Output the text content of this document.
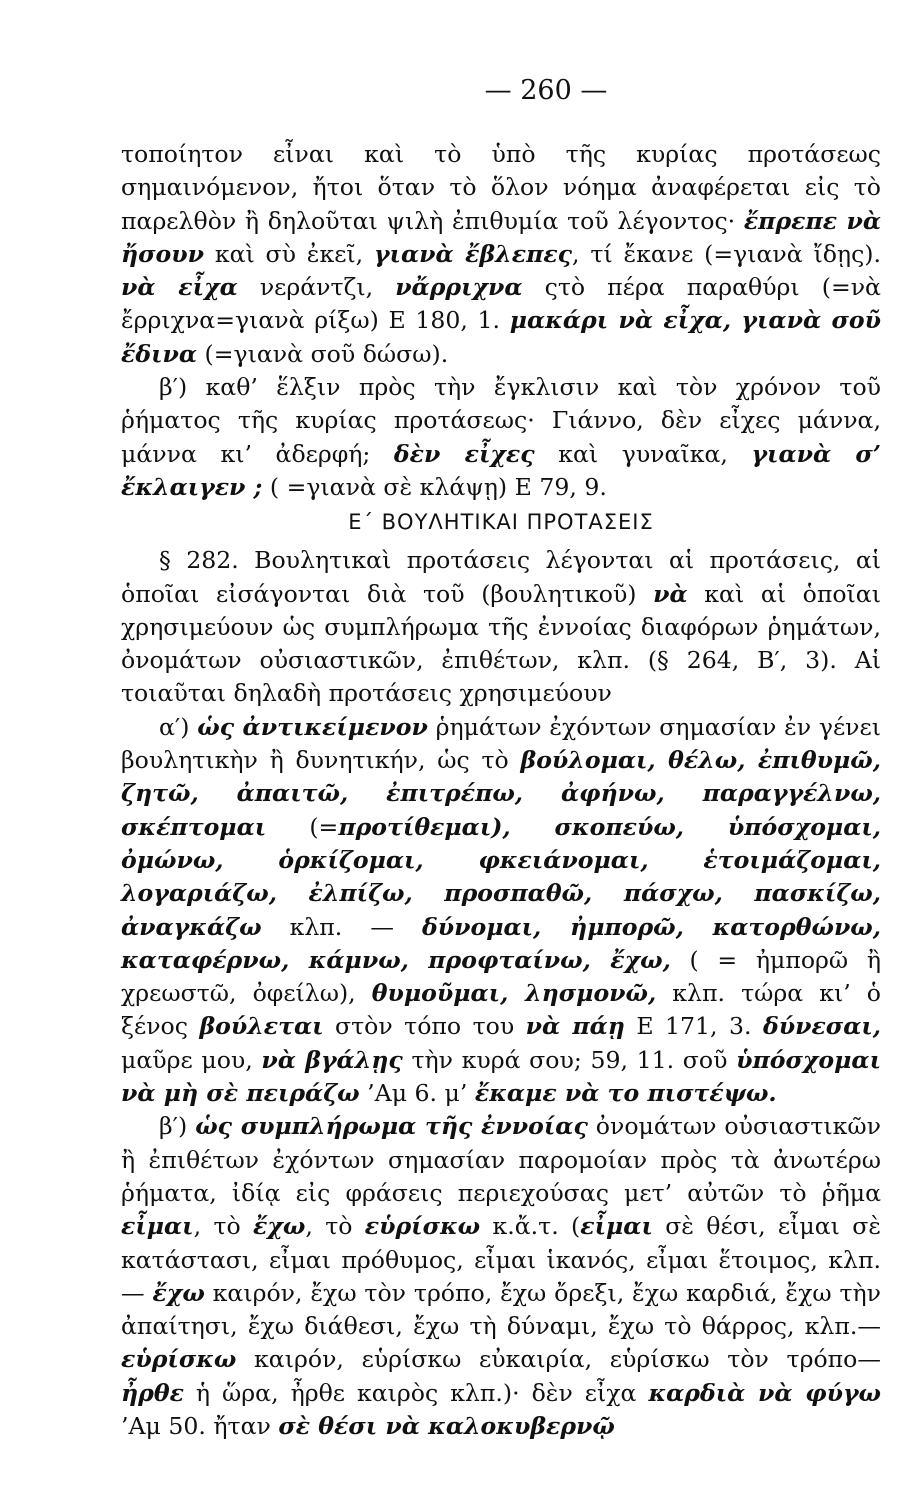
— 260 —

τοποίητον εἶναι καὶ τὸ ὑπὸ τῆς κυρίας προτάσεως σημαινόμενον, ἤτοι ὅταν τὸ ὅλον νόημα ἀναφέρεται εἰς τὸ παρελθὸν ἢ δηλοῦται ψιλὴ ἐπιθυμία τοῦ λέγοντος· ἔπρεπε νὰ ἤσουν καὶ σὺ ἐκεῖ, γιανὰ ἔβλεπες, τί ἔκανε (=γιανὰ ἴδῃς). νὰ εἶχα νεράντζι, νἄρριχνα ςτὸ πέρα παραθύρι (=νὰ ἔρριχνα=γιανὰ ρίξω) Ε 180, 1. μακάρι νὰ εἶχα, γιανὰ σοῦ ἔδινα (=γιανὰ σοῦ δώσω).

β′) καθ’ ἕλξιν πρὸς τὴν ἔγκλισιν καὶ τὸν χρόνον τοῦ ῥήματος τῆς κυρίας προτάσεως· Γιάννο, δὲν εἶχες μάννα, μάννα κι’ ἀδερφή; δὲν εἶχες καὶ γυναῖκα, γιανὰ σ’ ἔκλαιγεν ; ( =γιανὰ σὲ κλάψῃ) Ε 79, 9.

Ε΄ ΒΟΥΛΗΤΙΚΑΙ ΠΡΟΤΑΣΕΙΣ

§ 282. Βουλητικαὶ προτάσεις λέγονται αἱ προτάσεις, αἱ ὁποῖαι εἰσάγονται διὰ τοῦ (βουλητικοῦ) νὰ καὶ αἱ ὁποῖαι χρησιμεύουν ὡς συμπλήρωμα τῆς ἐννοίας διαφόρων ῥημάτων, ὀνομάτων οὐσιαστικῶν, ἐπιθέτων, κλπ. (§ 264, Β′, 3). Αἱ τοιαῦται δηλαδὴ προτάσεις χρησιμεύουν

α′) ὡς ἀντικείμενον ῥημάτων ἐχόντων σημασίαν ἐν γένει βουλητικὴν ἢ δυνητικήν, ὡς τὸ βούλομαι, θέλω, ἐπιθυμῶ, ζητῶ, ἀπαιτῶ, ἐπιτρέπω, ἀφήνω, παραγγέλνω, σκέπτομαι (=προτίθεμαι), σκοπεύω, ὑπόσχομαι, ὀμώνω, ὁρκίζομαι, φκειάνομαι, ἑτοιμάζομαι, λογαριάζω, ἐλπίζω, προσπαθῶ, πάσχω, πασκίζω, ἀναγκάζω κλπ. — δύνομαι, ἠμπορῶ, κατορθώνω, καταφέρνω, κάμνω, προφταίνω, ἔχω, ( = ἠμπορῶ ἢ χρεωστῶ, ὀφείλω), θυμοῦμαι, λησμονῶ, κλπ. τώρα κι’ ὁ ξένος βούλεται στὸν τόπο του νὰ πάῃ Ε 171, 3. δύνεσαι, μαῦρε μου, νὰ βγάλῃς τὴν κυρά σου; 59, 11. σοῦ ὑπόσχομαι νὰ μὴ σὲ πειράζω ’Αμ 6. μ’ ἔκαμε νὰ το πιστέψω.

β′) ὡς συμπλήρωμα τῆς ἐννοίας ὀνομάτων οὐσιαστικῶν ἢ ἐπιθέτων ἐχόντων σημασίαν παρομοίαν πρὸς τὰ ἀνωτέρω ῥήματα, ἰδίᾳ εἰς φράσεις περιεχούσας μετ’ αὐτῶν τὸ ῥῆμα εἶμαι, τὸ ἔχω, τὸ εὑρίσκω κ.ἄ.τ. (εἶμαι σὲ θέσι, εἶμαι σὲ κατάστασι, εἶμαι πρόθυμος, εἶμαι ἱκανός, εἶμαι ἕτοιμος, κλπ. — ἔχω καιρόν, ἔχω τὸν τρόπο, ἔχω ὄρεξι, ἔχω καρδιά, ἔχω τὴν ἀπαίτησι, ἔχω διάθεσι, ἔχω τὴ δύναμι, ἔχω τὸ θάρρος, κλπ.— εὑρίσκω καιρόν, εὑρίσκω εὐκαιρία, εὑρίσκω τὸν τρόπο—ἦρθε ἡ ὥρα, ἦρθε καιρὸς κλπ.)· δὲν εἶχα καρδιὰ νὰ φύγω ’Αμ 50. ἤταν σὲ θέσι νὰ καλοκυβερνῷ
